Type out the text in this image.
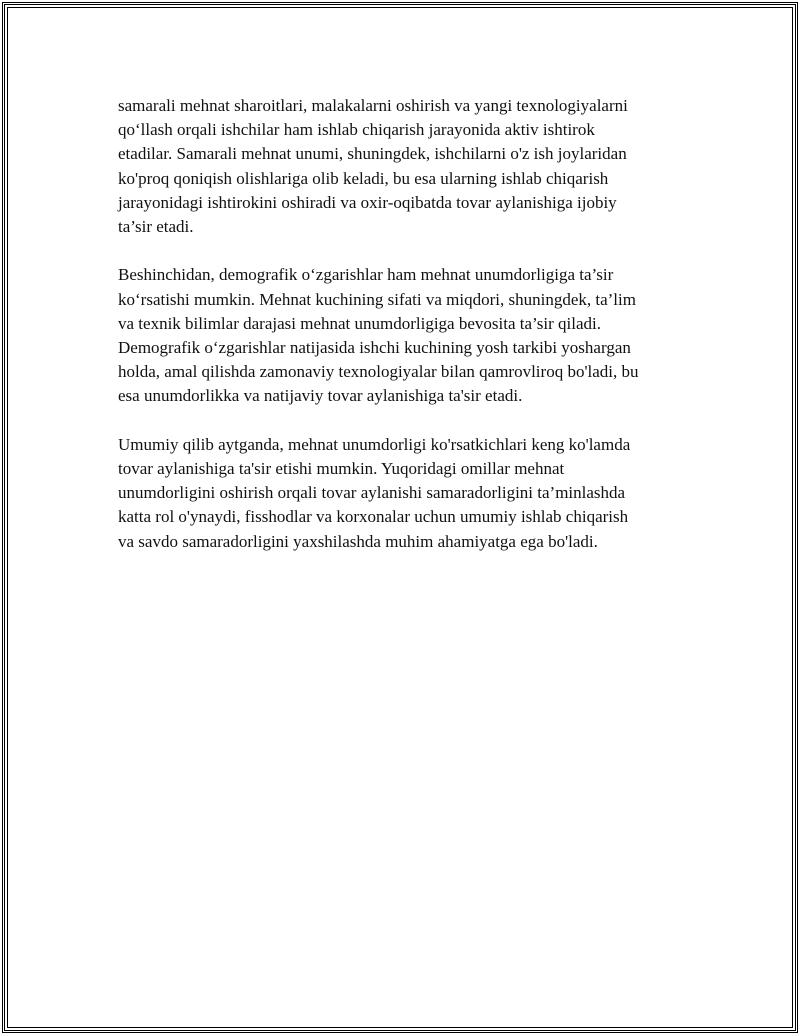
samarali mehnat sharoitlari, malakalarni oshirish va yangi texnologiyalarni
qo‘llash orqali ishchilar ham ishlab chiqarish jarayonida aktiv ishtirok
etadilar. Samarali mehnat unumi, shuningdek, ishchilarni o'z ish joylaridan
ko'proq qoniqish olishlariga olib keladi, bu esa ularning ishlab chiqarish
jarayonidagi ishtirokini oshiradi va oxir-oqibatda tovar aylanishiga ijobiy
ta’sir etadi.

Beshinchidan, demografik o‘zgarishlar ham mehnat unumdorligiga ta’sir
ko‘rsatishi mumkin. Mehnat kuchining sifati va miqdori, shuningdek, ta’lim
va texnik bilimlar darajasi mehnat unumdorligiga bevosita ta’sir qiladi.
Demografik o‘zgarishlar natijasida ishchi kuchining yosh tarkibi yoshargan
holda, amal qilishda zamonaviy texnologiyalar bilan qamrovliroq bo'ladi, bu
esa unumdorlikka va natijaviy tovar aylanishiga ta'sir etadi.

Umumiy qilib aytganda, mehnat unumdorligi ko'rsatkichlari keng ko'lamda
tovar aylanishiga ta'sir etishi mumkin. Yuqoridagi omillar mehnat
unumdorligini oshirish orqali tovar aylanishi samaradorligini ta’minlashda
katta rol o'ynaydi, fisshodlar va korxonalar uchun umumiy ishlab chiqarish
va savdo samaradorligini yaxshilashda muhim ahamiyatga ega bo'ladi.
